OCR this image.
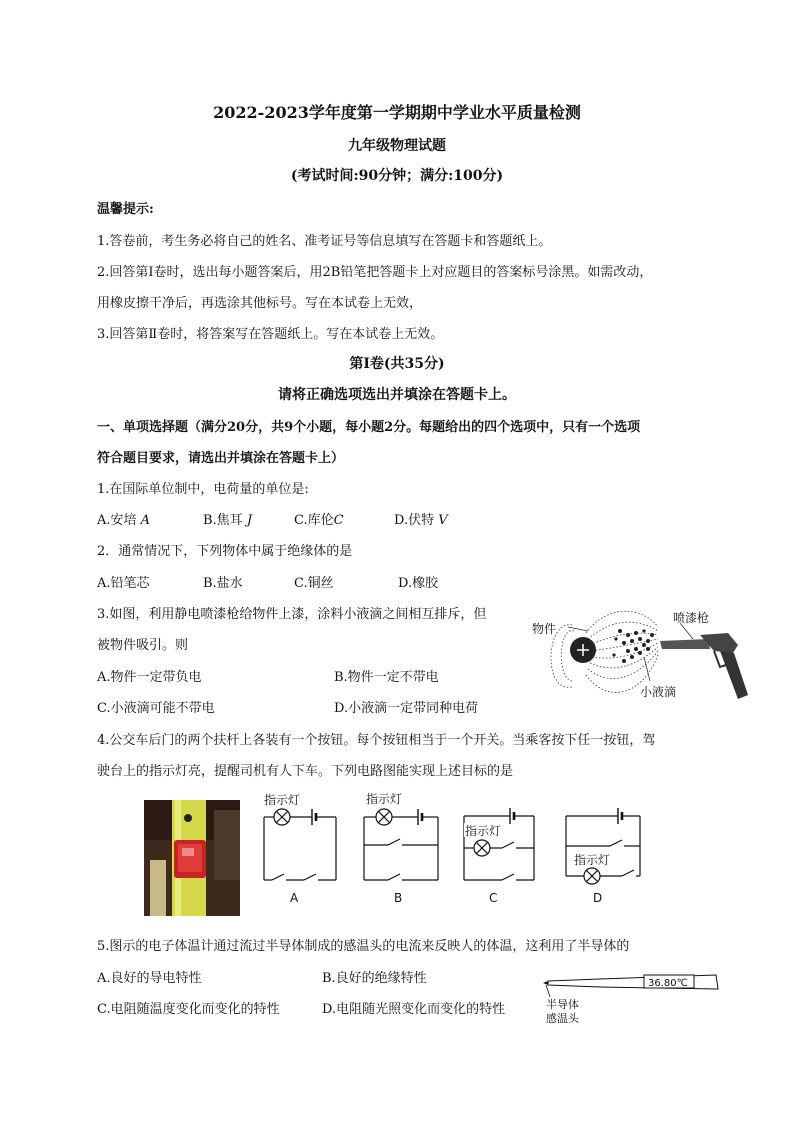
2022-2023学年度第一学期期中学业水平质量检测
九年级物理试题
(考试时间:90分钟；满分:100分)
温馨提示:
1.答卷前，考生务必将自己的姓名、准考证号等信息填写在答题卡和答题纸上。
2.回答第Ⅰ卷时，选出每小题答案后，用2B铅笔把答题卡上对应题目的答案标号涂黑。如需改动，
用橡皮擦干净后，再选涂其他标号。写在本试卷上无效，
3.回答第Ⅱ卷时，将答案写在答题纸上。写在本试卷上无效。
第Ⅰ卷(共35分)
请将正确选项选出并填涂在答题卡上。
一、单项选择题（满分20分，共9个小题，每小题2分。每题给出的四个选项中，只有一个选项
符合题目要求，请选出并填涂在答题卡上）
1.在国际单位制中，电荷量的单位是:
A.安培 A	B.焦耳 J	C.库伦C	D.伏特 V
2．通常情况下，下列物体中属于绝缘体的是
A.铅笔芯	B.盐水	C.铜丝	D.橡胶
3.如图，利用静电喷漆枪给物件上漆，涂料小液滴之间相互排斥，但
被物件吸引。则
A.物件一定带负电	B.物件一定不带电
C.小液滴可能不带电	D.小液滴一定带同种电荷
物件
喷漆枪
小液滴
4.公交车后门的两个扶杆上各装有一个按钮。每个按钮相当于一个开关。当乘客按下任一按钮，驾
驶台上的指示灯亮，提醒司机有人下车。下列电路图能实现上述目标的是
指示灯
A
指示灯
B
指示灯
C
指示灯
D
5.图示的电子体温计通过流过半导体制成的感温头的电流来反映人的体温，这利用了半导体的
A.良好的导电特性	B.良好的绝缘特性
C.电阻随温度变化而变化的特性	D.电阻随光照变化而变化的特性
36.80℃
半导体
感温头
